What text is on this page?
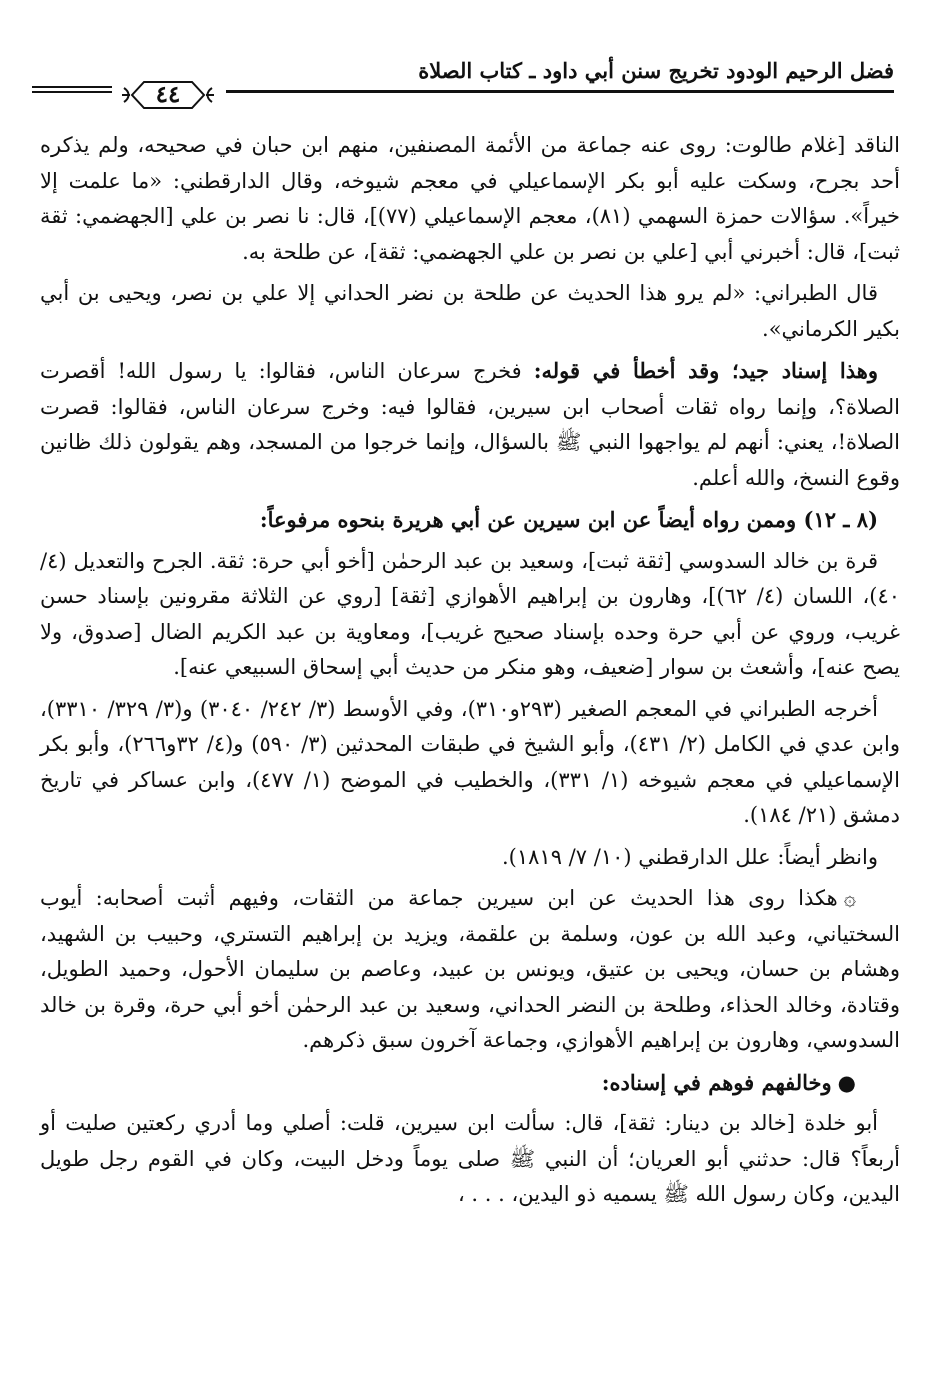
فضل الرحيم الودود تخريج سنن أبي داود ـ كتاب الصلاة
٤٤

الناقد [غلام طالوت: روى عنه جماعة من الأئمة المصنفين، منهم ابن حبان في صحيحه، ولم يذكره أحد بجرح، وسكت عليه أبو بكر الإسماعيلي في معجم شيوخه، وقال الدارقطني: «ما علمت إلا خيراً». سؤالات حمزة السهمي (٨١)، معجم الإسماعيلي (٧٧)]، قال: نا نصر بن علي [الجهضمي: ثقة ثبت]، قال: أخبرني أبي [علي بن نصر بن علي الجهضمي: ثقة]، عن طلحة به.

قال الطبراني: «لم يرو هذا الحديث عن طلحة بن نضر الحداني إلا علي بن نصر، ويحيى بن أبي بكير الكرماني».

وهذا إسناد جيد؛ وقد أخطأ في قوله: فخرج سرعان الناس، فقالوا: يا رسول الله! أقصرت الصلاة؟، وإنما رواه ثقات أصحاب ابن سيرين، فقالوا فيه: وخرج سرعان الناس، فقالوا: قصرت الصلاة!، يعني: أنهم لم يواجهوا النبي ﷺ بالسؤال، وإنما خرجوا من المسجد، وهم يقولون ذلك ظانين وقوع النسخ، والله أعلم.

(٨ ـ ١٢) وممن رواه أيضاً عن ابن سيرين عن أبي هريرة بنحوه مرفوعاً:

قرة بن خالد السدوسي [ثقة ثبت]، وسعيد بن عبد الرحمٰن [أخو أبي حرة: ثقة. الجرح والتعديل (٤/ ٤٠)، اللسان (٤/ ٦٢)]، وهارون بن إبراهيم الأهوازي [ثقة] [روي عن الثلاثة مقرونين بإسناد حسن غريب، وروي عن أبي حرة وحده بإسناد صحيح غريب]، ومعاوية بن عبد الكريم الضال [صدوق، ولا يصح عنه]، وأشعث بن سوار [ضعيف، وهو منكر من حديث أبي إسحاق السبيعي عنه].

أخرجه الطبراني في المعجم الصغير (٢٩٣و٣١٠)، وفي الأوسط (٣/ ٢٤٢/ ٣٠٤٠) و(٣/ ٣٢٩/ ٣٣١٠)، وابن عدي في الكامل (٢/ ٤٣١)، وأبو الشيخ في طبقات المحدثين (٣/ ٥٩٠) و(٤/ ٣٢و٢٦٦)، وأبو بكر الإسماعيلي في معجم شيوخه (١/ ٣٣١)، والخطيب في الموضح (١/ ٤٧٧)، وابن عساكر في تاريخ دمشق (٢١/ ١٨٤).

وانظر أيضاً: علل الدارقطني (١٠/ ٧/ ١٨١٩).

۞هكذا روى هذا الحديث عن ابن سيرين جماعة من الثقات، وفيهم أثبت أصحابه: أيوب السختياني، وعبد الله بن عون، وسلمة بن علقمة، ويزيد بن إبراهيم التستري، وحبيب بن الشهيد، وهشام بن حسان، ويحيى بن عتيق، ويونس بن عبيد، وعاصم بن سليمان الأحول، وحميد الطويل، وقتادة، وخالد الحذاء، وطلحة بن النضر الحداني، وسعيد بن عبد الرحمٰن أخو أبي حرة، وقرة بن خالد السدوسي، وهارون بن إبراهيم الأهوازي، وجماعة آخرون سبق ذكرهم.

●وخالفهم فوهم في إسناده:

أبو خلدة [خالد بن دينار: ثقة]، قال: سألت ابن سيرين، قلت: أصلي وما أدري ركعتين صليت أو أربعاً؟ قال: حدثني أبو العريان؛ أن النبي ﷺ صلى يوماً ودخل البيت، وكان في القوم رجل طويل اليدين، وكان رسول الله ﷺ يسميه ذو اليدين، . . . ،
